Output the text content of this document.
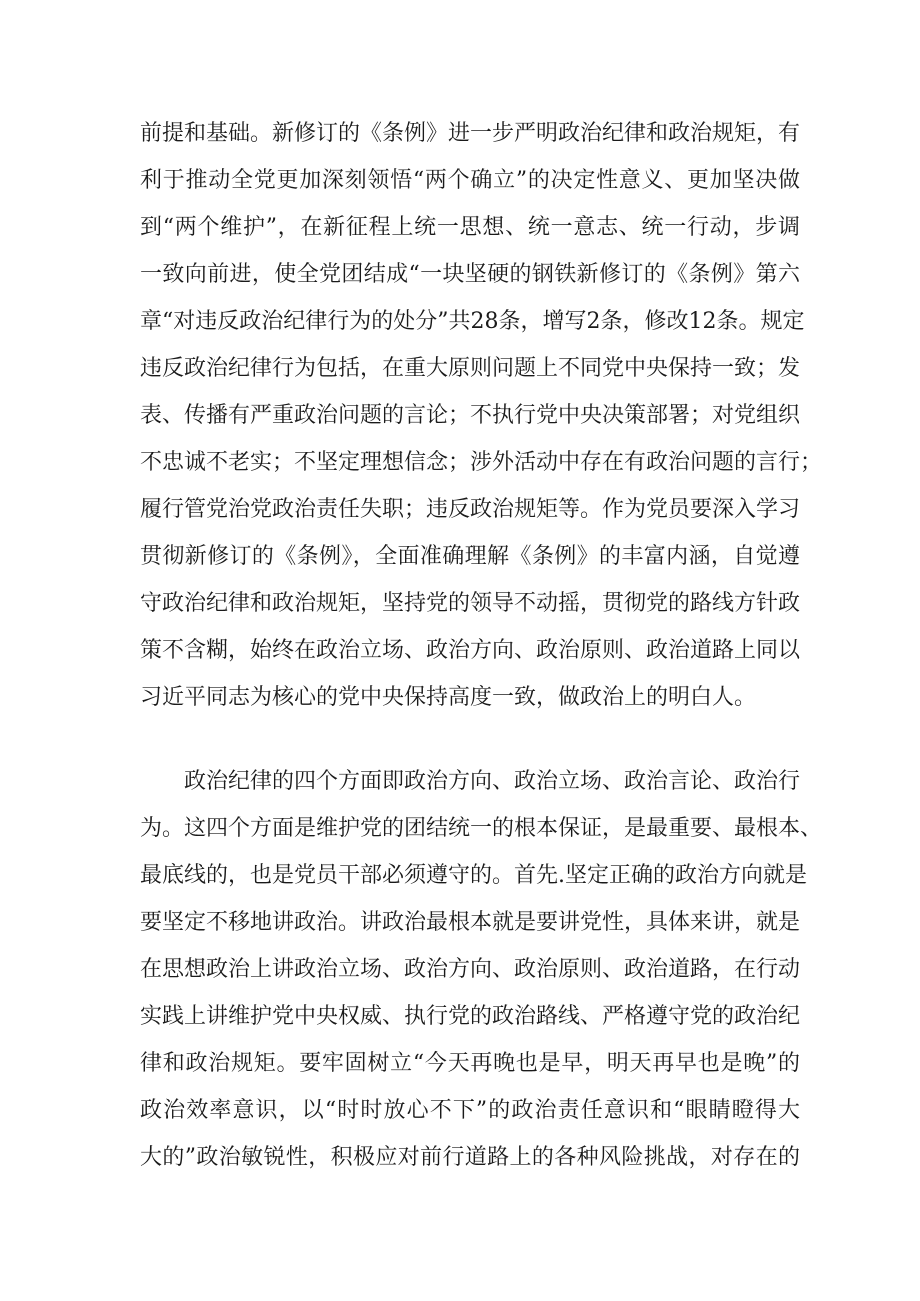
前提和基础。新修订的《条例》进一步严明政治纪律和政治规矩，有
利于推动全党更加深刻领悟“两个确立”的决定性意义、更加坚决做
到“两个维护”，在新征程上统一思想、统一意志、统一行动，步调
一致向前进，使全党团结成“一块坚硬的钢铁新修订的《条例》第六
章“对违反政治纪律行为的处分”共28条，增写2条，修改12条。规定
违反政治纪律行为包括，在重大原则问题上不同党中央保持一致；发
表、传播有严重政治问题的言论；不执行党中央决策部署；对党组织
不忠诚不老实；不坚定理想信念；涉外活动中存在有政治问题的言行；
履行管党治党政治责任失职；违反政治规矩等。作为党员要深入学习
贯彻新修订的《条例》，全面准确理解《条例》的丰富内涵，自觉遵
守政治纪律和政治规矩，坚持党的领导不动摇，贯彻党的路线方针政
策不含糊，始终在政治立场、政治方向、政治原则、政治道路上同以
习近平同志为核心的党中央保持高度一致，做政治上的明白人。
政治纪律的四个方面即政治方向、政治立场、政治言论、政治行
为。这四个方面是维护党的团结统一的根本保证，是最重要、最根本、
最底线的，也是党员干部必须遵守的。首先.坚定正确的政治方向就是
要坚定不移地讲政治。讲政治最根本就是要讲党性，具体来讲，就是
在思想政治上讲政治立场、政治方向、政治原则、政治道路，在行动
实践上讲维护党中央权威、执行党的政治路线、严格遵守党的政治纪
律和政治规矩。要牢固树立“今天再晚也是早，明天再早也是晚”的
政治效率意识，以“时时放心不下”的政治责任意识和“眼睛瞪得大
大的”政治敏锐性，积极应对前行道路上的各种风险挑战，对存在的
